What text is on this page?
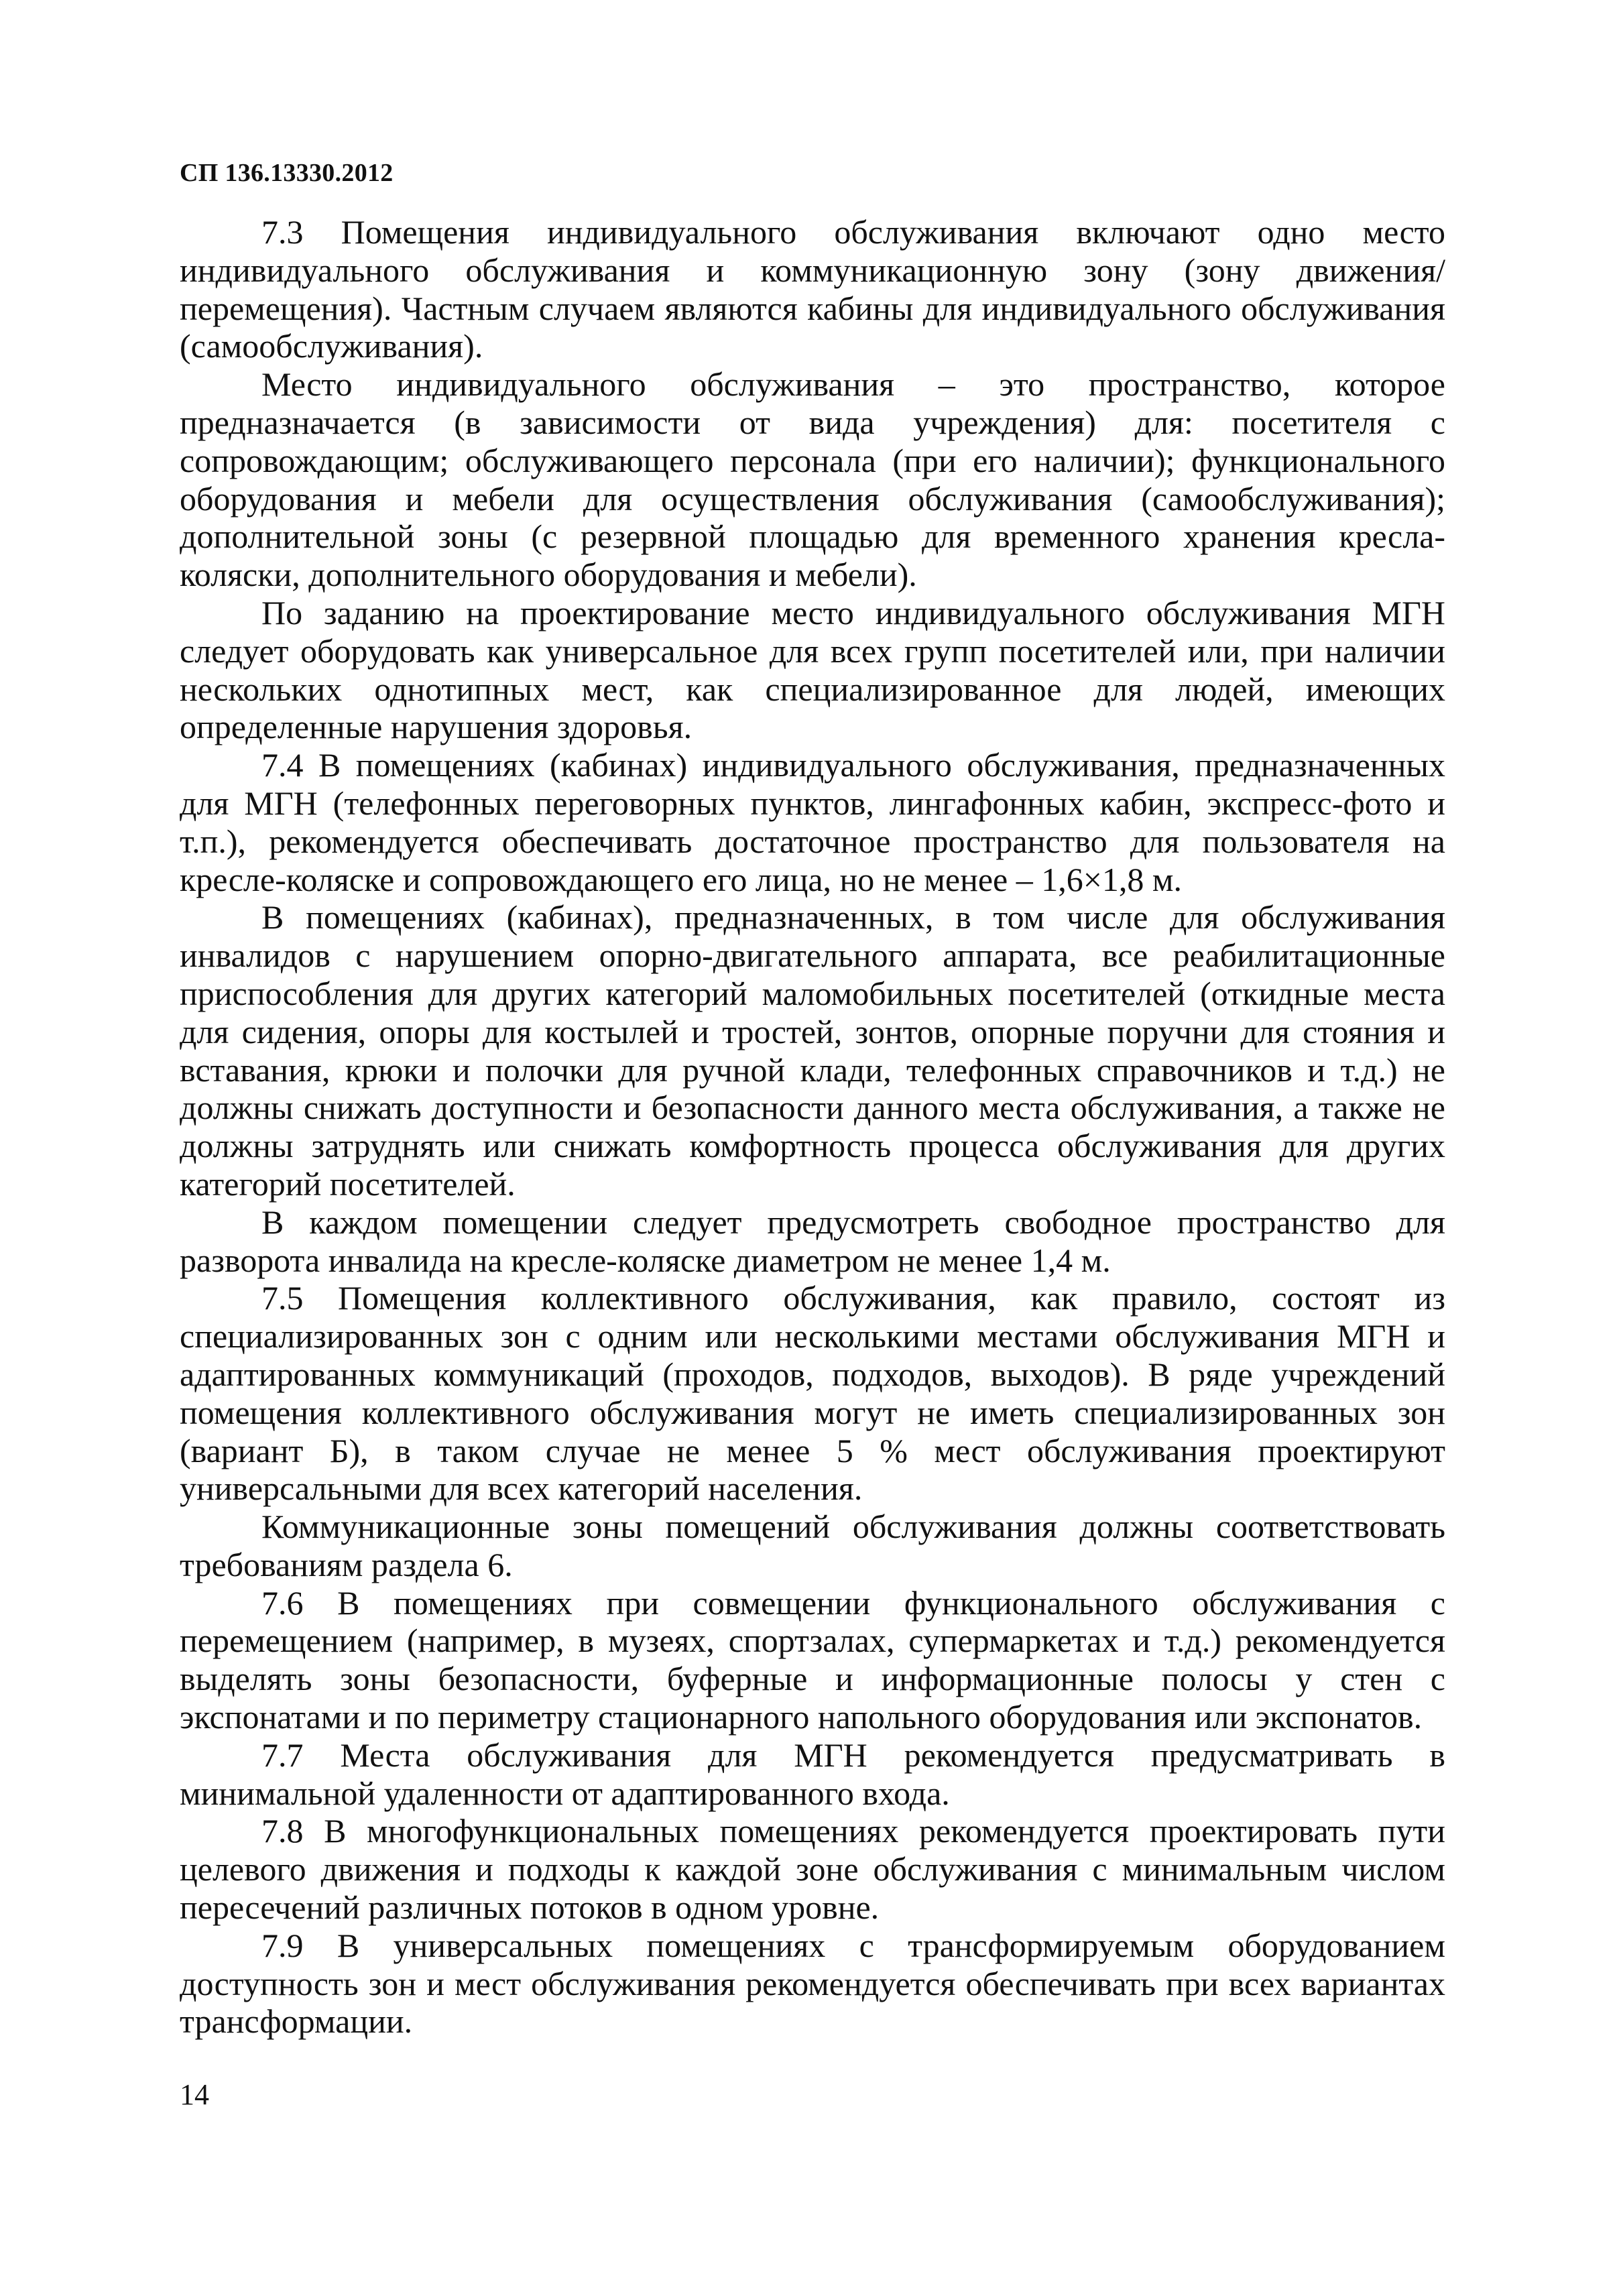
СП 136.13330.2012

7.3 Помещения индивидуального обслуживания включают одно место индивидуального обслуживания и коммуникационную зону (зону движения/перемещения). Частным случаем являются кабины для индивидуального обслуживания (самообслуживания).

Место индивидуального обслуживания – это пространство, которое предназначается (в зависимости от вида учреждения) для: посетителя с сопровождающим; обслуживающего персонала (при его наличии); функционального оборудования и мебели для осуществления обслуживания (самообслуживания); дополнительной зоны (с резервной площадью для временного хранения кресла-коляски, дополнительного оборудования и мебели).

По заданию на проектирование место индивидуального обслуживания МГН следует оборудовать как универсальное для всех групп посетителей или, при наличии нескольких однотипных мест, как специализированное для людей, имеющих определенные нарушения здоровья.

7.4 В помещениях (кабинах) индивидуального обслуживания, предназначенных для МГН (телефонных переговорных пунктов, лингафонных кабин, экспресс-фото и т.п.), рекомендуется обеспечивать достаточное пространство для пользователя на кресле-коляске и сопровождающего его лица, но не менее – 1,6×1,8 м.

В помещениях (кабинах), предназначенных, в том числе для обслуживания инвалидов с нарушением опорно-двигательного аппарата, все реабилитационные приспособления для других категорий маломобильных посетителей (откидные места для сидения, опоры для костылей и тростей, зонтов, опорные поручни для стояния и вставания, крюки и полочки для ручной клади, телефонных справочников и т.д.) не должны снижать доступности и безопасности данного места обслуживания, а также не должны затруднять или снижать комфортность процесса обслуживания для других категорий посетителей.

В каждом помещении следует предусмотреть свободное пространство для разворота инвалида на кресле-коляске диаметром не менее 1,4 м.

7.5 Помещения коллективного обслуживания, как правило, состоят из специализированных зон с одним или несколькими местами обслуживания МГН и адаптированных коммуникаций (проходов, подходов, выходов). В ряде учреждений помещения коллективного обслуживания могут не иметь специализированных зон (вариант Б), в таком случае не менее 5 % мест обслуживания проектируют универсальными для всех категорий населения.

Коммуникационные зоны помещений обслуживания должны соответствовать требованиям раздела 6.

7.6 В помещениях при совмещении функционального обслуживания с перемещением (например, в музеях, спортзалах, супермаркетах и т.д.) рекомендуется выделять зоны безопасности, буферные и информационные полосы у стен с экспонатами и по периметру стационарного напольного оборудования или экспонатов.

7.7 Места обслуживания для МГН рекомендуется предусматривать в минимальной удаленности от адаптированного входа.

7.8 В многофункциональных помещениях рекомендуется проектировать пути целевого движения и подходы к каждой зоне обслуживания с минимальным числом пересечений различных потоков в одном уровне.

7.9 В универсальных помещениях с трансформируемым оборудованием доступность зон и мест обслуживания рекомендуется обеспечивать при всех вариантах трансформации.

14
